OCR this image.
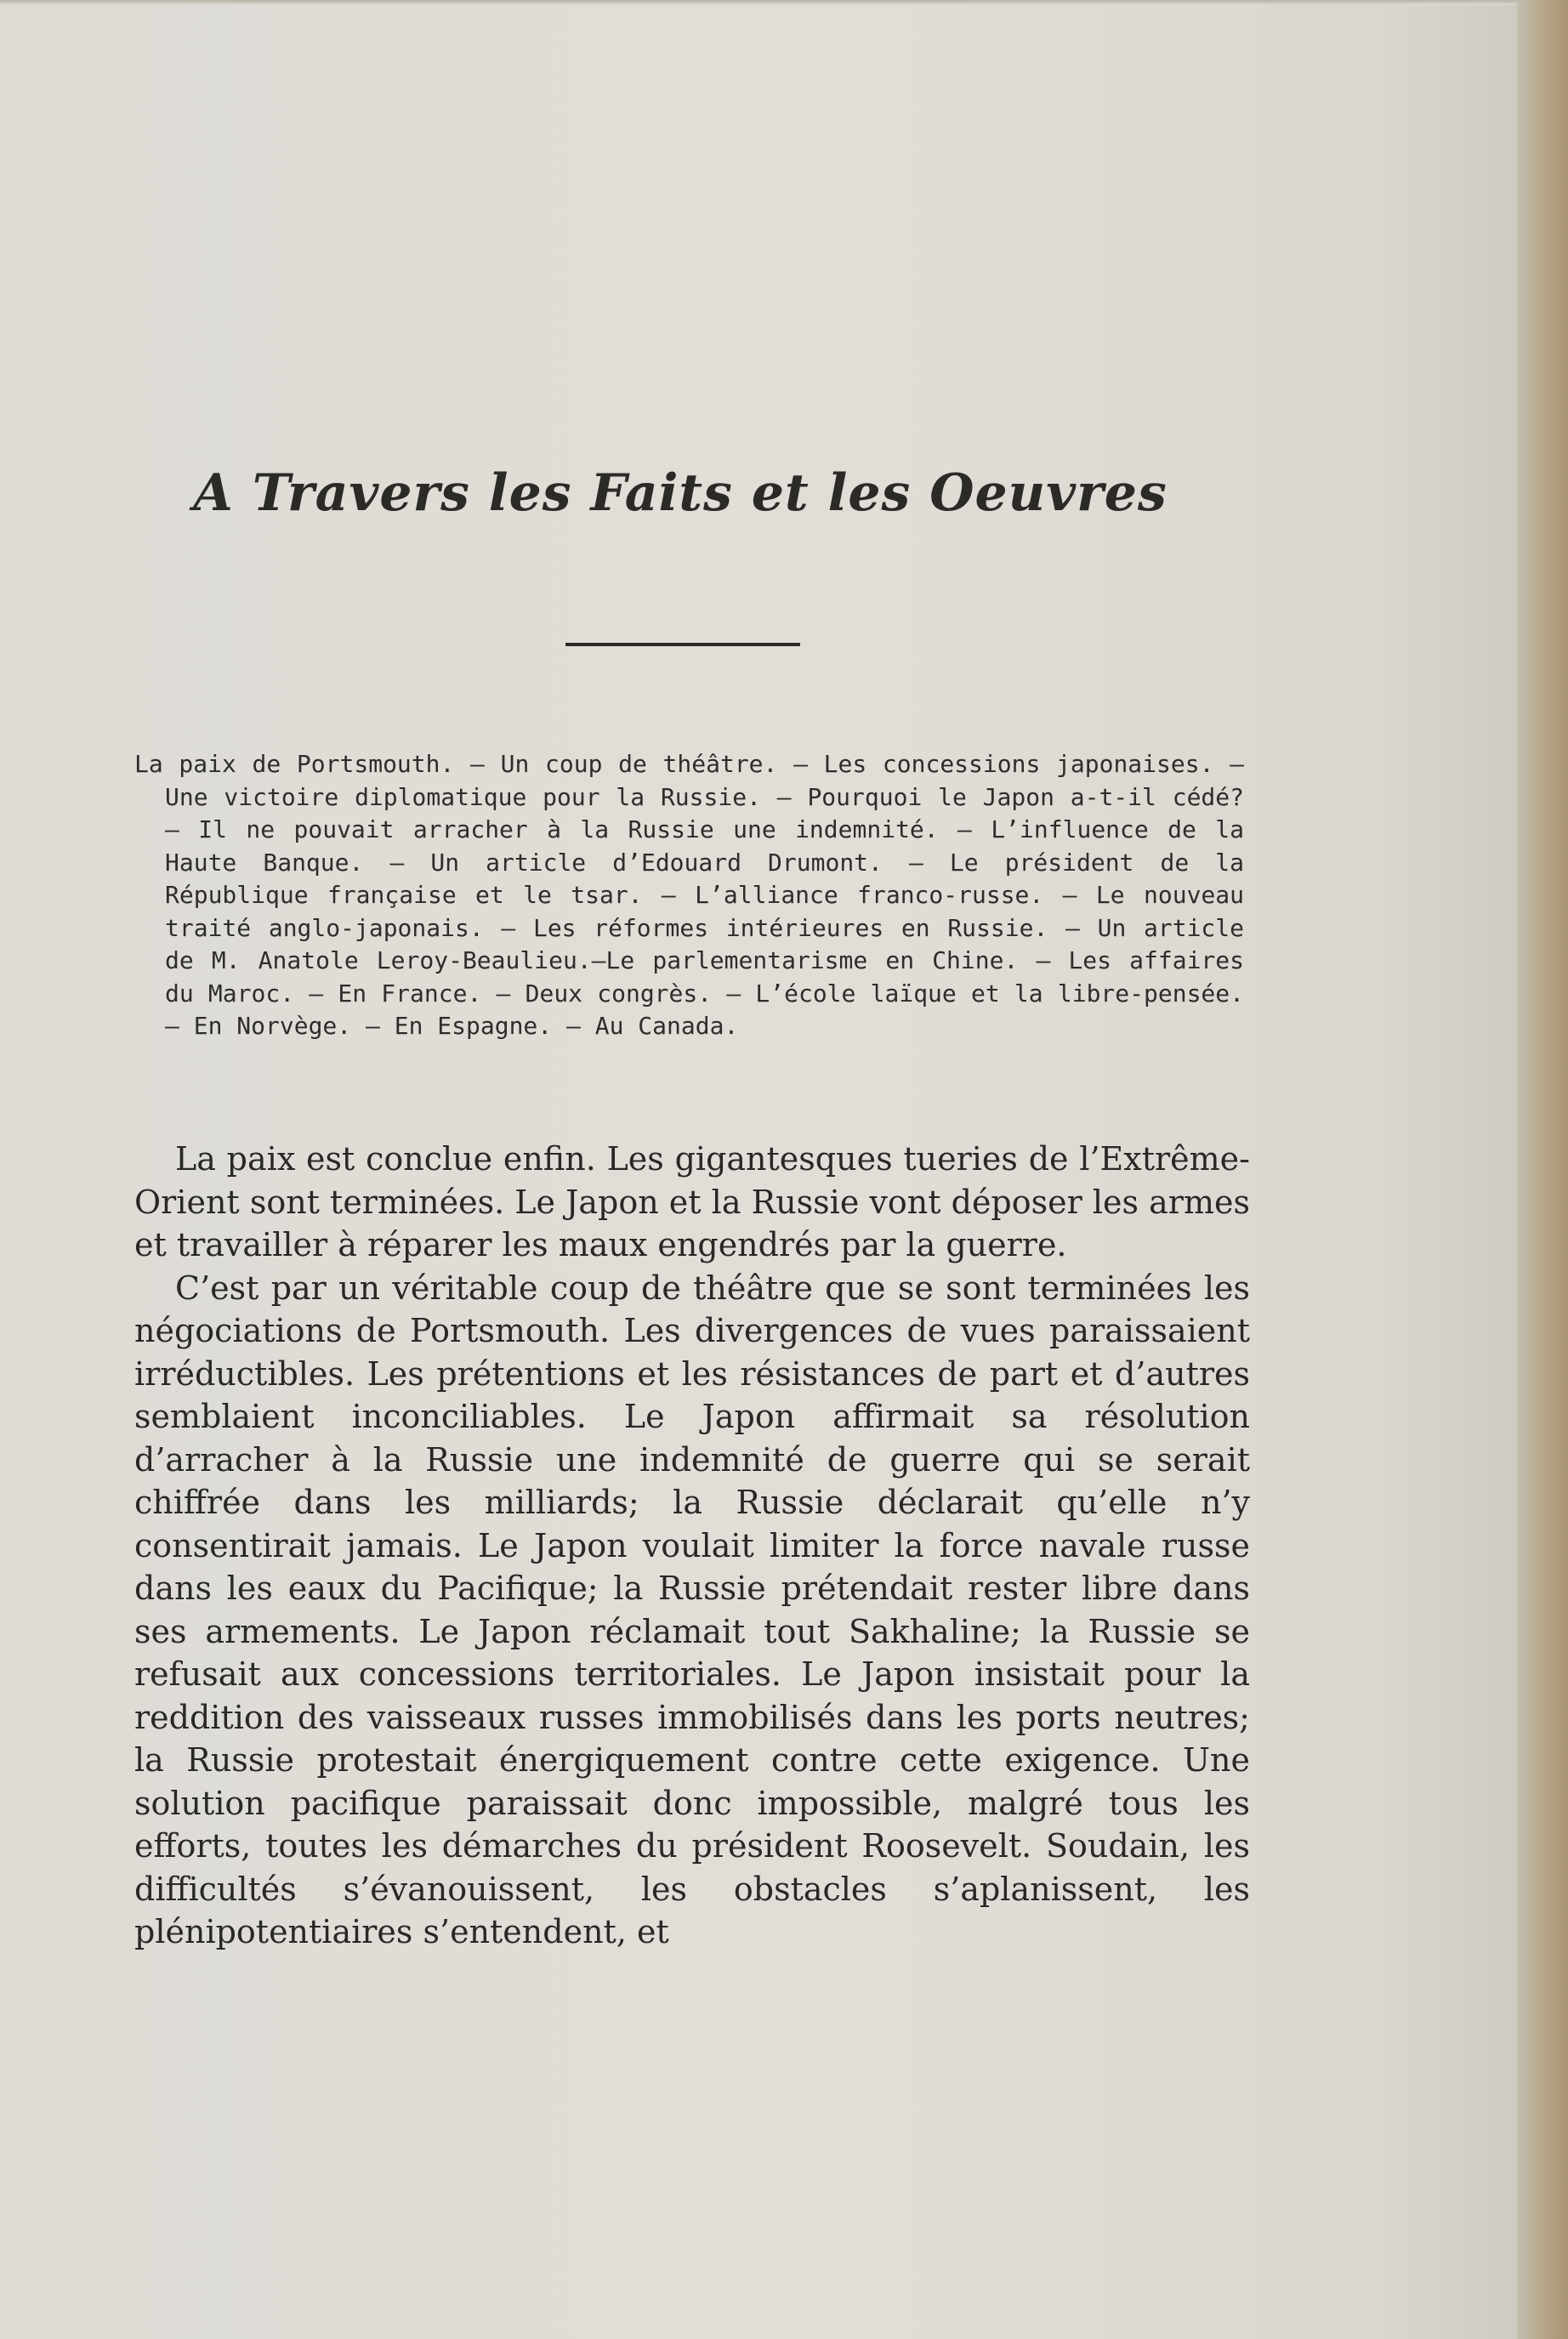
A Travers les Faits et les Oeuvres

La paix de Portsmouth. — Un coup de théâtre. — Les concessions japonaises. — Une victoire diplomatique pour la Russie. — Pourquoi le Japon a-t-il cédé? — Il ne pouvait arracher à la Russie une indemnité. — L’influence de la Haute Banque. — Un article d’Edouard Drumont. — Le président de la République française et le tsar. — L’alliance franco-russe. — Le nouveau traité anglo-japonais. — Les réformes intérieures en Russie. — Un article de M. Anatole Leroy-Beaulieu.—Le parlementarisme en Chine. — Les affaires du Maroc. — En France. — Deux congrès. — L’école laïque et la libre-pensée. — En Norvège. — En Espagne. — Au Canada.

La paix est conclue enfin. Les gigantesques tueries de l’Extrême-Orient sont terminées. Le Japon et la Russie vont déposer les armes et travailler à réparer les maux engendrés par la guerre.

C’est par un véritable coup de théâtre que se sont terminées les négociations de Portsmouth. Les divergences de vues paraissaient irréductibles. Les prétentions et les résistances de part et d’autres semblaient inconciliables. Le Japon affirmait sa résolution d’arracher à la Russie une indemnité de guerre qui se serait chiffrée dans les milliards; la Russie déclarait qu’elle n’y consentirait jamais. Le Japon voulait limiter la force navale russe dans les eaux du Pacifique; la Russie prétendait rester libre dans ses armements. Le Japon réclamait tout Sakhaline; la Russie se refusait aux concessions territoriales. Le Japon insistait pour la reddition des vaisseaux russes immobilisés dans les ports neutres; la Russie protestait énergiquement contre cette exigence. Une solution pacifique paraissait donc impossible, malgré tous les efforts, toutes les démarches du président Roosevelt. Soudain, les difficultés s’évanouissent, les obstacles s’aplanissent, les plénipotentiaires s’entendent, et
